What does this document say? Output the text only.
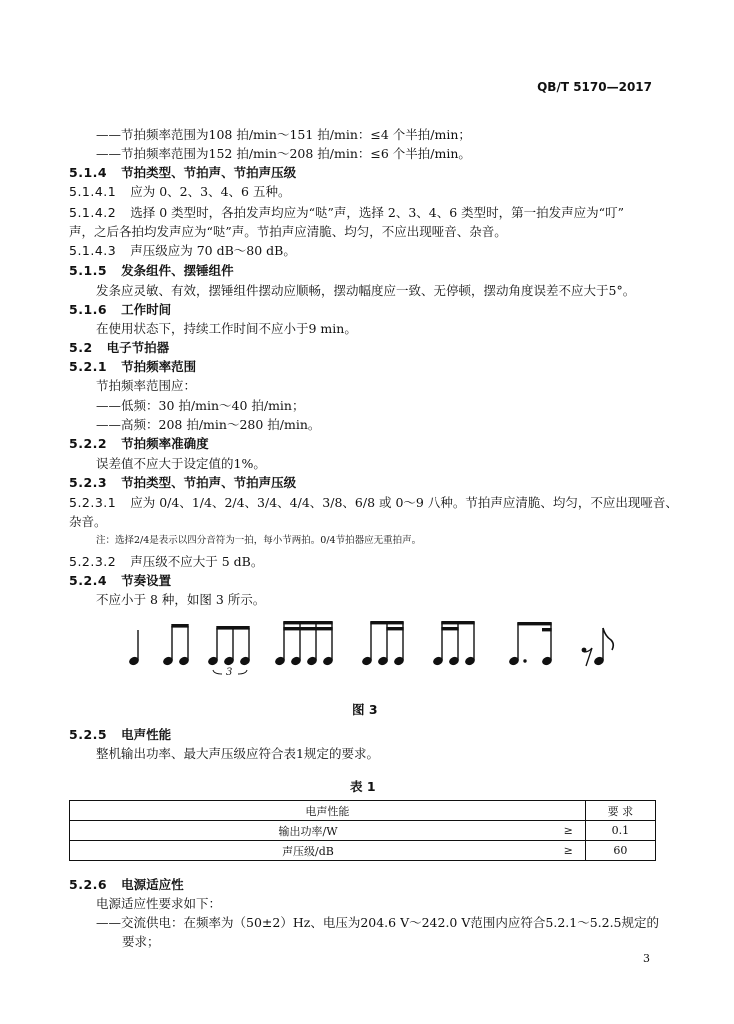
QB/T 5170—2017
——节拍频率范围为108 拍/min～151 拍/min：≤4 个半拍/min；
——节拍频率范围为152 拍/min～208 拍/min：≤6 个半拍/min。
5.1.4 节拍类型、节拍声、节拍声压级
5.1.4.1 应为 0、2、3、4、6 五种。
5.1.4.2 选择 0 类型时，各拍发声均应为“哒”声，选择 2、3、4、6 类型时，第一拍发声应为“叮”
声，之后各拍均发声应为“哒”声。节拍声应清脆、均匀，不应出现哑音、杂音。
5.1.4.3 声压级应为 70 dB～80 dB。
5.1.5 发条组件、摆锤组件
发条应灵敏、有效，摆锤组件摆动应顺畅，摆动幅度应一致、无停顿，摆动角度误差不应大于5°。
5.1.6 工作时间
在使用状态下，持续工作时间不应小于9 min。
5.2 电子节拍器
5.2.1 节拍频率范围
节拍频率范围应：
——低频：30 拍/min～40 拍/min；
——高频：208 拍/min～280 拍/min。
5.2.2 节拍频率准确度
误差值不应大于设定值的1%。
5.2.3 节拍类型、节拍声、节拍声压级
5.2.3.1 应为 0/4、1/4、2/4、3/4、4/4、3/8、6/8 或 0～9 八种。节拍声应清脆、均匀，不应出现哑音、
杂音。
注：选择2/4是表示以四分音符为一拍，每小节两拍。0/4节拍器应无重拍声。
5.2.3.2 声压级不应大于 5 dB。
5.2.4 节奏设置
不应小于 8 种，如图 3 所示。
3
图 3
5.2.5 电声性能
整机输出功率、最大声压级应符合表1规定的要求。
表 1
电声性能		要 求
输出功率/W	≥	0.1
声压级/dB	≥	60
5.2.6 电源适应性
电源适应性要求如下：
——交流供电：在频率为（50±2）Hz、电压为204.6 V～242.0 V范围内应符合5.2.1～5.2.5规定的
要求；
3
